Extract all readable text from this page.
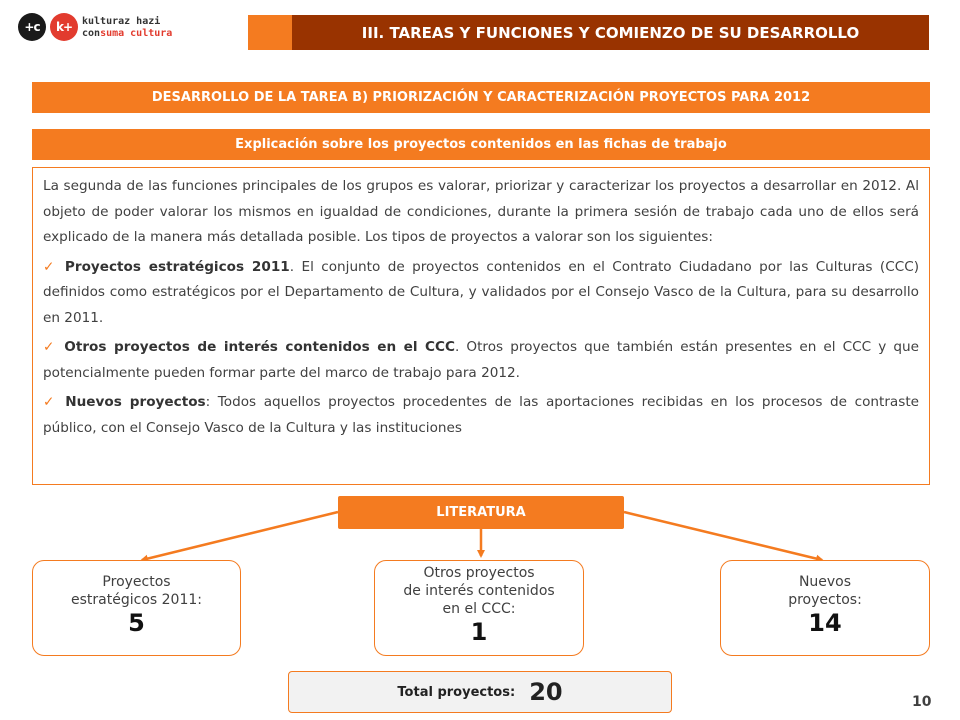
+c	k+ kulturaz hazi
consuma cultura	III. TAREAS Y FUNCIONES Y COMIENZO DE SU DESARROLLO
DESARROLLO DE LA TAREA B) PRIORIZACIÓN Y CARACTERIZACIÓN PROYECTOS PARA 2012
Explicación sobre los proyectos contenidos en las fichas de trabajo

La segunda de las funciones principales de los grupos es valorar, priorizar y caracterizar los proyectos a desarrollar en 2012. Al objeto de poder valorar los mismos en igualdad de condiciones, durante la primera sesión de trabajo cada uno de ellos será explicado de la manera más detallada posible. Los tipos de proyectos a valorar son los siguientes:

✓ Proyectos estratégicos 2011. El conjunto de proyectos contenidos en el Contrato Ciudadano por las Culturas (CCC) definidos como estratégicos por el Departamento de Cultura, y validados por el Consejo Vasco de la Cultura, para su desarrollo en 2011.
✓ Otros proyectos de interés contenidos en el CCC. Otros proyectos que también están presentes en el CCC y que potencialmente pueden formar parte del marco de trabajo para 2012.
✓ Nuevos proyectos: Todos aquellos proyectos procedentes de las aportaciones recibidas en los procesos de contraste público, con el Consejo Vasco de la Cultura y las instituciones
LITERATURA
Proyectos
estratégicos 2011:
5
Otros proyectos
de interés contenidos
en el CCC:
1
Nuevos
proyectos:
14
Total proyectos: 20	10
